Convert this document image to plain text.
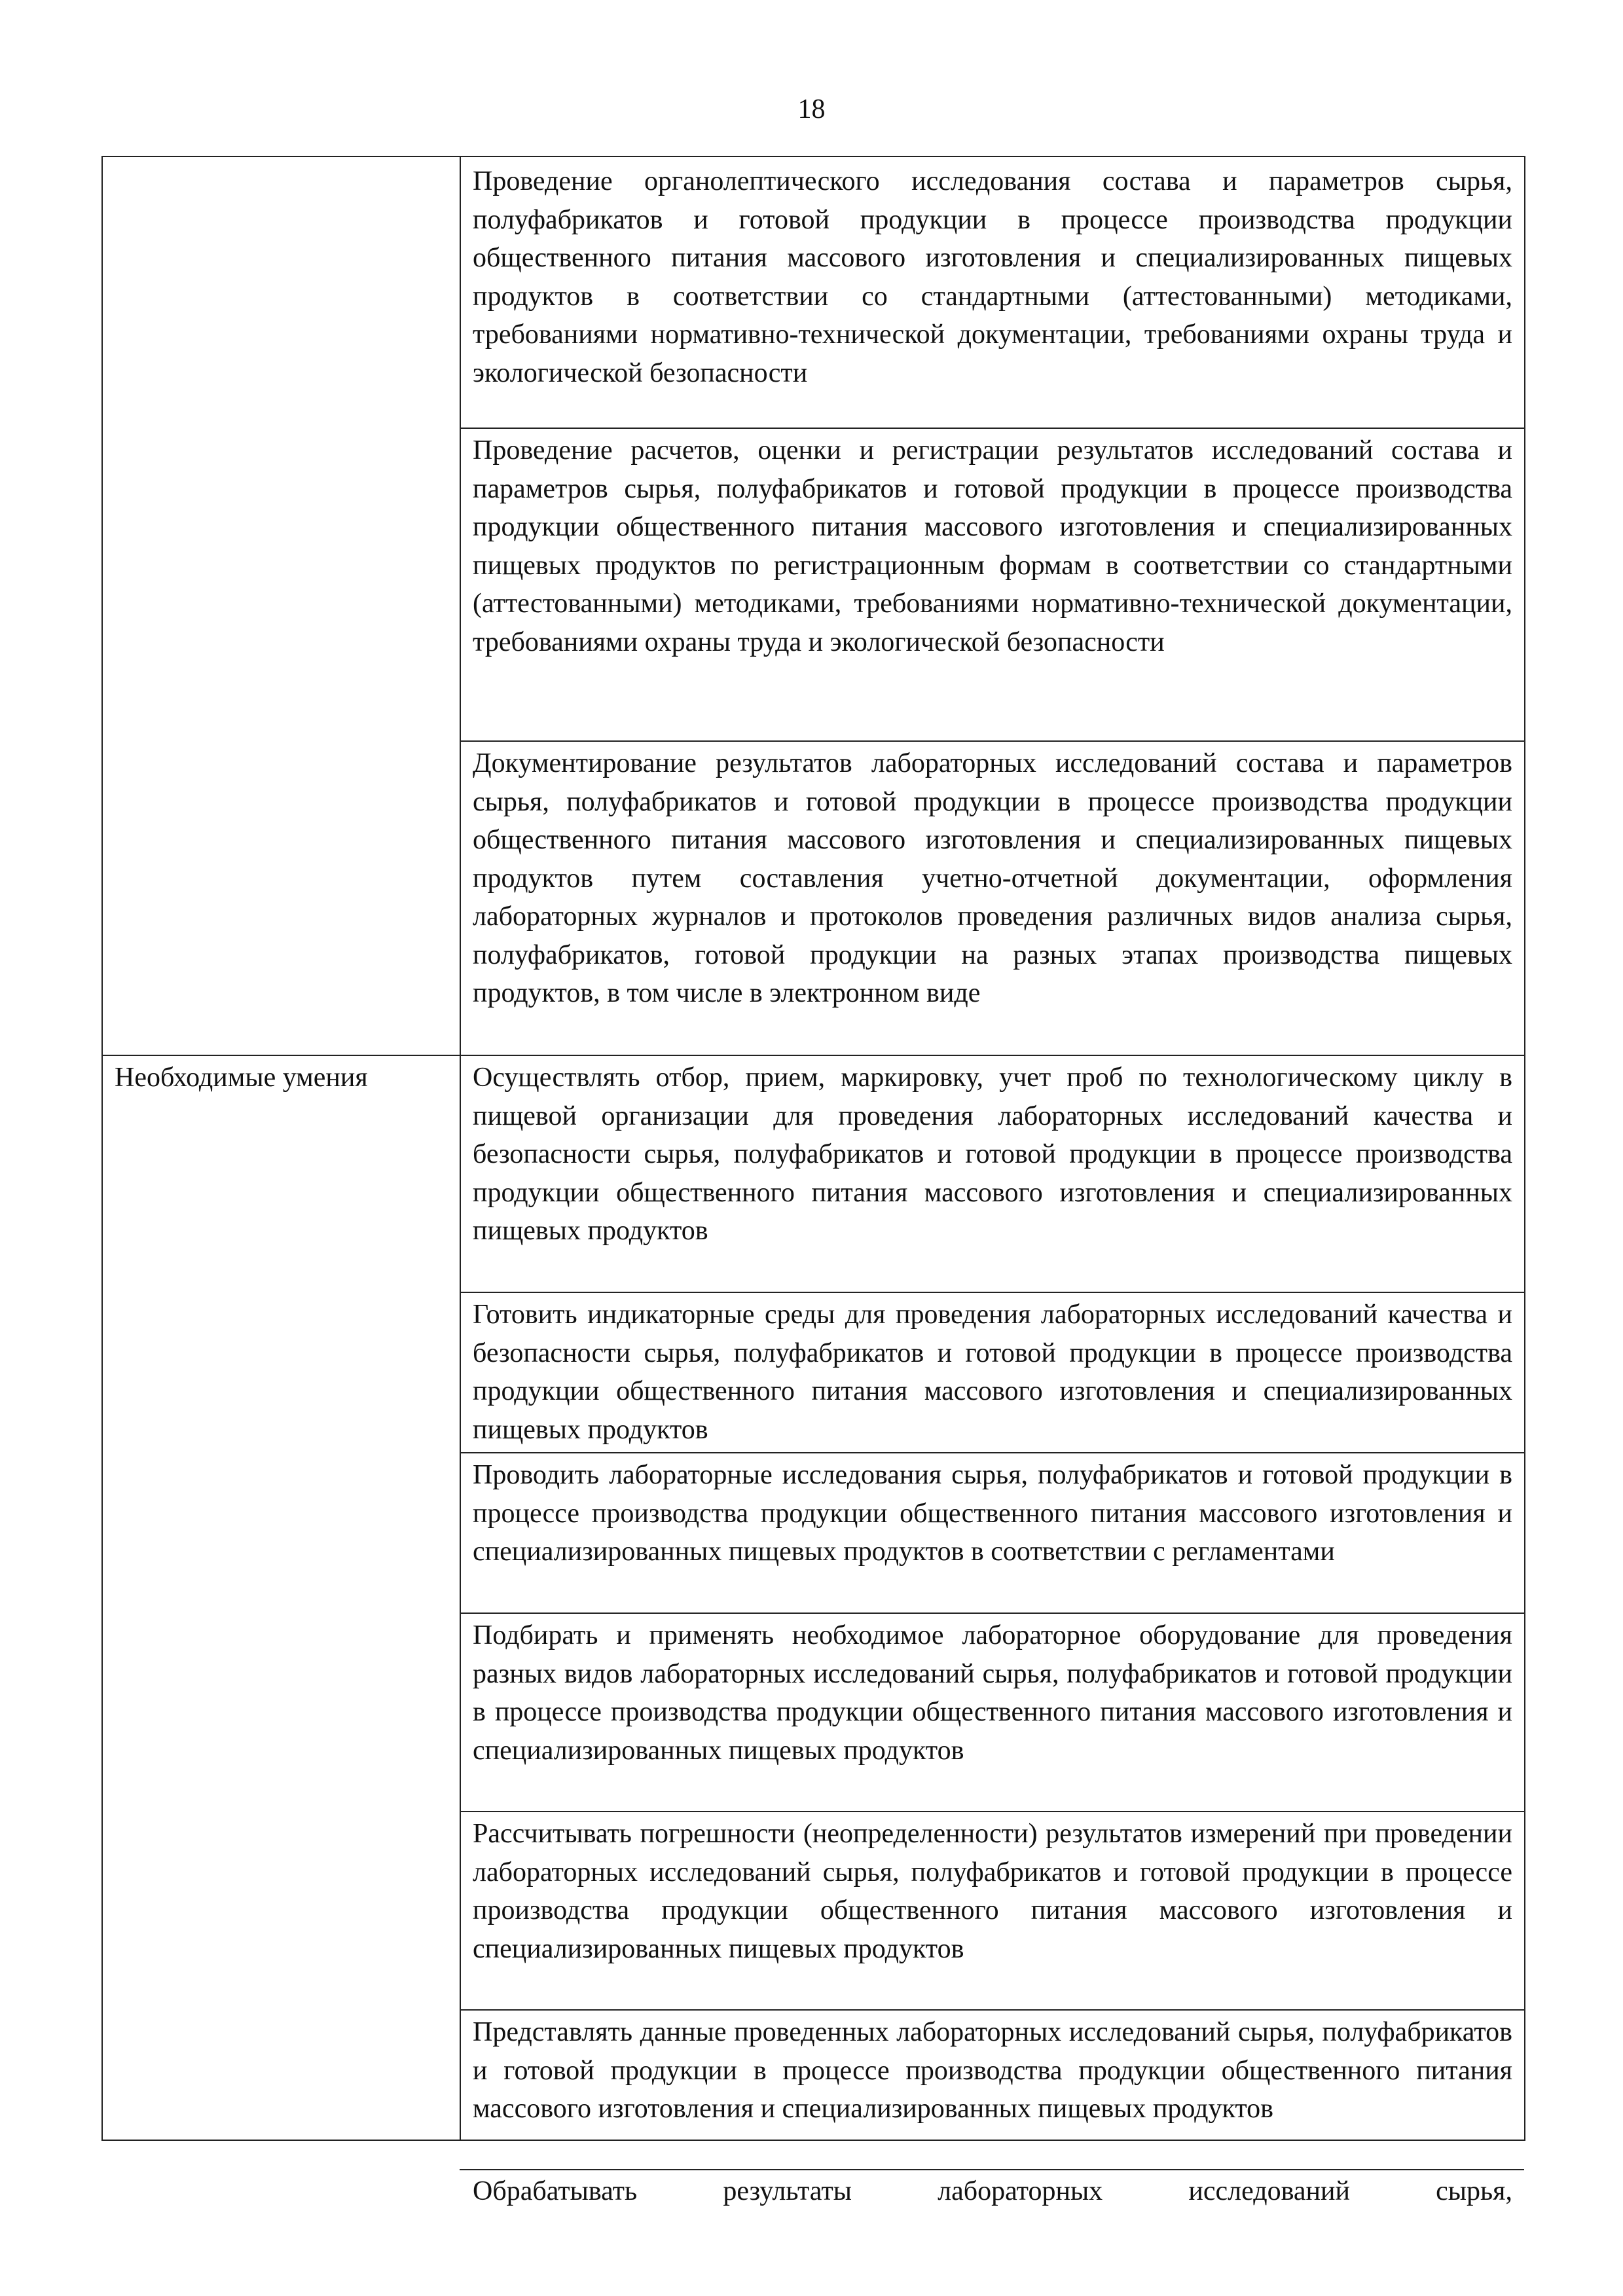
18
Проведение органолептического исследования состава и параметров сырья, полуфабрикатов и готовой продукции в процессе производства продукции общественного питания массового изготовления и специализированных пищевых продуктов в соответствии со стандартными (аттестованными) методиками, требованиями нормативно-технической документации, требованиями охраны труда и экологической безопасности
Проведение расчетов, оценки и регистрации результатов исследований состава и параметров сырья, полуфабрикатов и готовой продукции в процессе производства продукции общественного питания массового изготовления и специализированных пищевых продуктов по регистрационным формам в соответствии со стандартными (аттестованными) методиками, требованиями нормативно-технической документации, требованиями охраны труда и экологической безопасности
Документирование результатов лабораторных исследований состава и параметров сырья, полуфабрикатов и готовой продукции в процессе производства продукции общественного питания массового изготовления и специализированных пищевых продуктов путем составления учетно-отчетной документации, оформления лабораторных журналов и протоколов проведения различных видов анализа сырья, полуфабрикатов, готовой продукции на разных этапах производства пищевых продуктов, в том числе в электронном виде
Необходимые умения	Осуществлять отбор, прием, маркировку, учет проб по технологическому циклу в пищевой организации для проведения лабораторных исследований качества и безопасности сырья, полуфабрикатов и готовой продукции в процессе производства продукции общественного питания массового изготовления и специализированных пищевых продуктов
Готовить индикаторные среды для проведения лабораторных исследований качества и безопасности сырья, полуфабрикатов и готовой продукции в процессе производства продукции общественного питания массового изготовления и специализированных пищевых продуктов
Проводить лабораторные исследования сырья, полуфабрикатов и готовой продукции в процессе производства продукции общественного питания массового изготовления и специализированных пищевых продуктов в соответствии с регламентами
Подбирать и применять необходимое лабораторное оборудование для проведения разных видов лабораторных исследований сырья, полуфабрикатов и готовой продукции в процессе производства продукции общественного питания массового изготовления и специализированных пищевых продуктов
Рассчитывать погрешности (неопределенности) результатов измерений при проведении лабораторных исследований сырья, полуфабрикатов и готовой продукции в процессе производства продукции общественного питания массового изготовления и специализированных пищевых продуктов
Представлять данные проведенных лабораторных исследований сырья, полуфабрикатов и готовой продукции в процессе производства продукции общественного питания массового изготовления и специализированных пищевых продуктов
Обрабатывать результаты лабораторных исследований сырья,
